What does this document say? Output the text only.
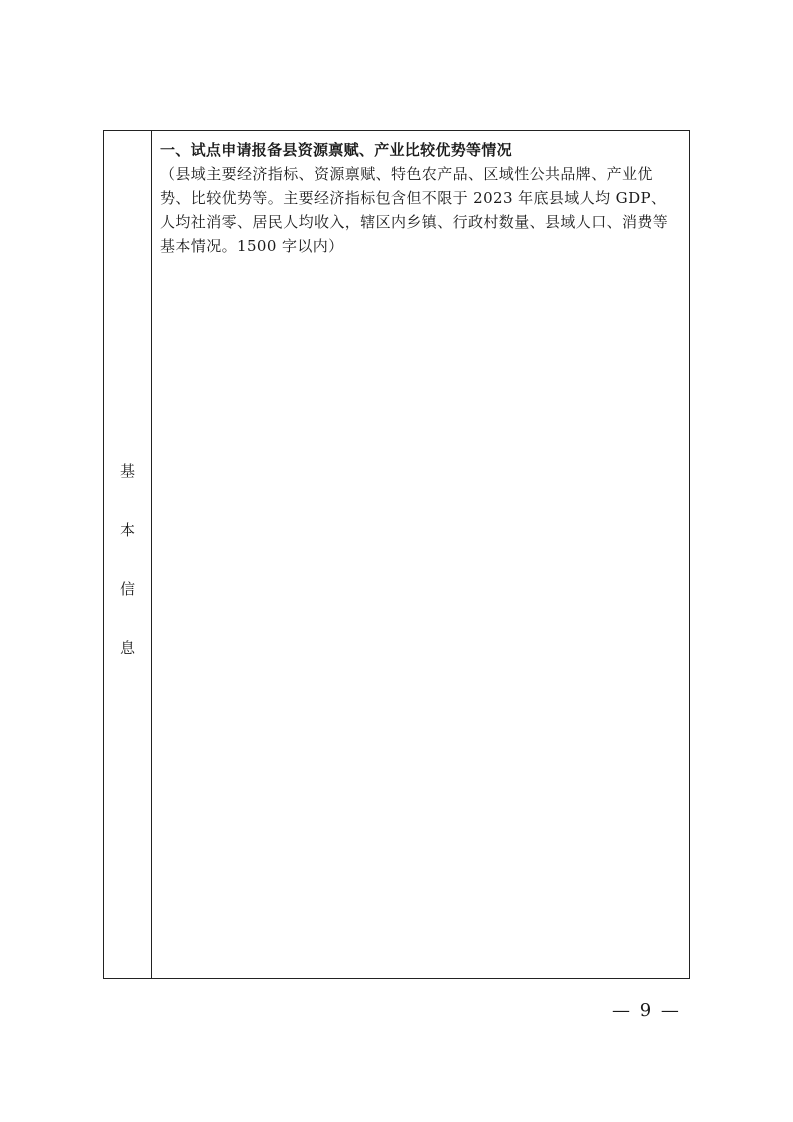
基
本
信
息

一、试点申请报备县资源禀赋、产业比较优势等情况

（县域主要经济指标、资源禀赋、特色农产品、区域性公共品牌、产业优势、比较优势等。主要经济指标包含但不限于 2023 年底县域人均 GDP、人均社消零、居民人均收入，辖区内乡镇、行政村数量、县域人口、消费等基本情况。1500 字以内）

— 9 —
